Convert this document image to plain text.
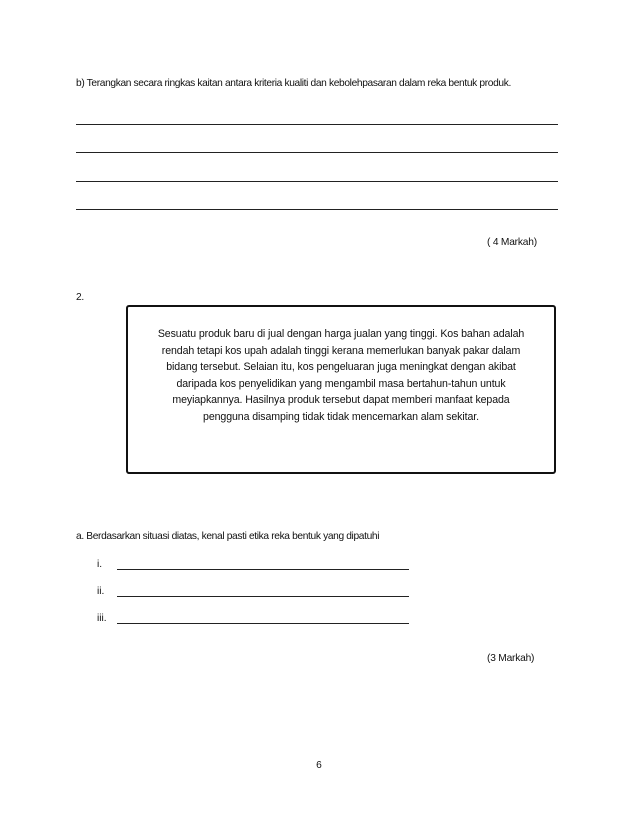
b) Terangkan secara ringkas kaitan antara kriteria kualiti dan kebolehpasaran dalam reka bentuk produk.
( 4 Markah)
2.
Sesuatu produk baru di jual dengan harga jualan yang tinggi. Kos bahan adalah
rendah tetapi kos upah adalah tinggi kerana memerlukan banyak pakar dalam
bidang tersebut. Selaian itu, kos pengeluaran juga meningkat dengan akibat
daripada kos penyelidikan yang mengambil masa bertahun-tahun untuk
meyiapkannya. Hasilnya produk tersebut dapat memberi manfaat kepada
pengguna disamping tidak tidak mencemarkan alam sekitar.
a. Berdasarkan situasi diatas, kenal pasti etika reka bentuk yang dipatuhi
i.
ii.
iii.
(3 Markah)
6
